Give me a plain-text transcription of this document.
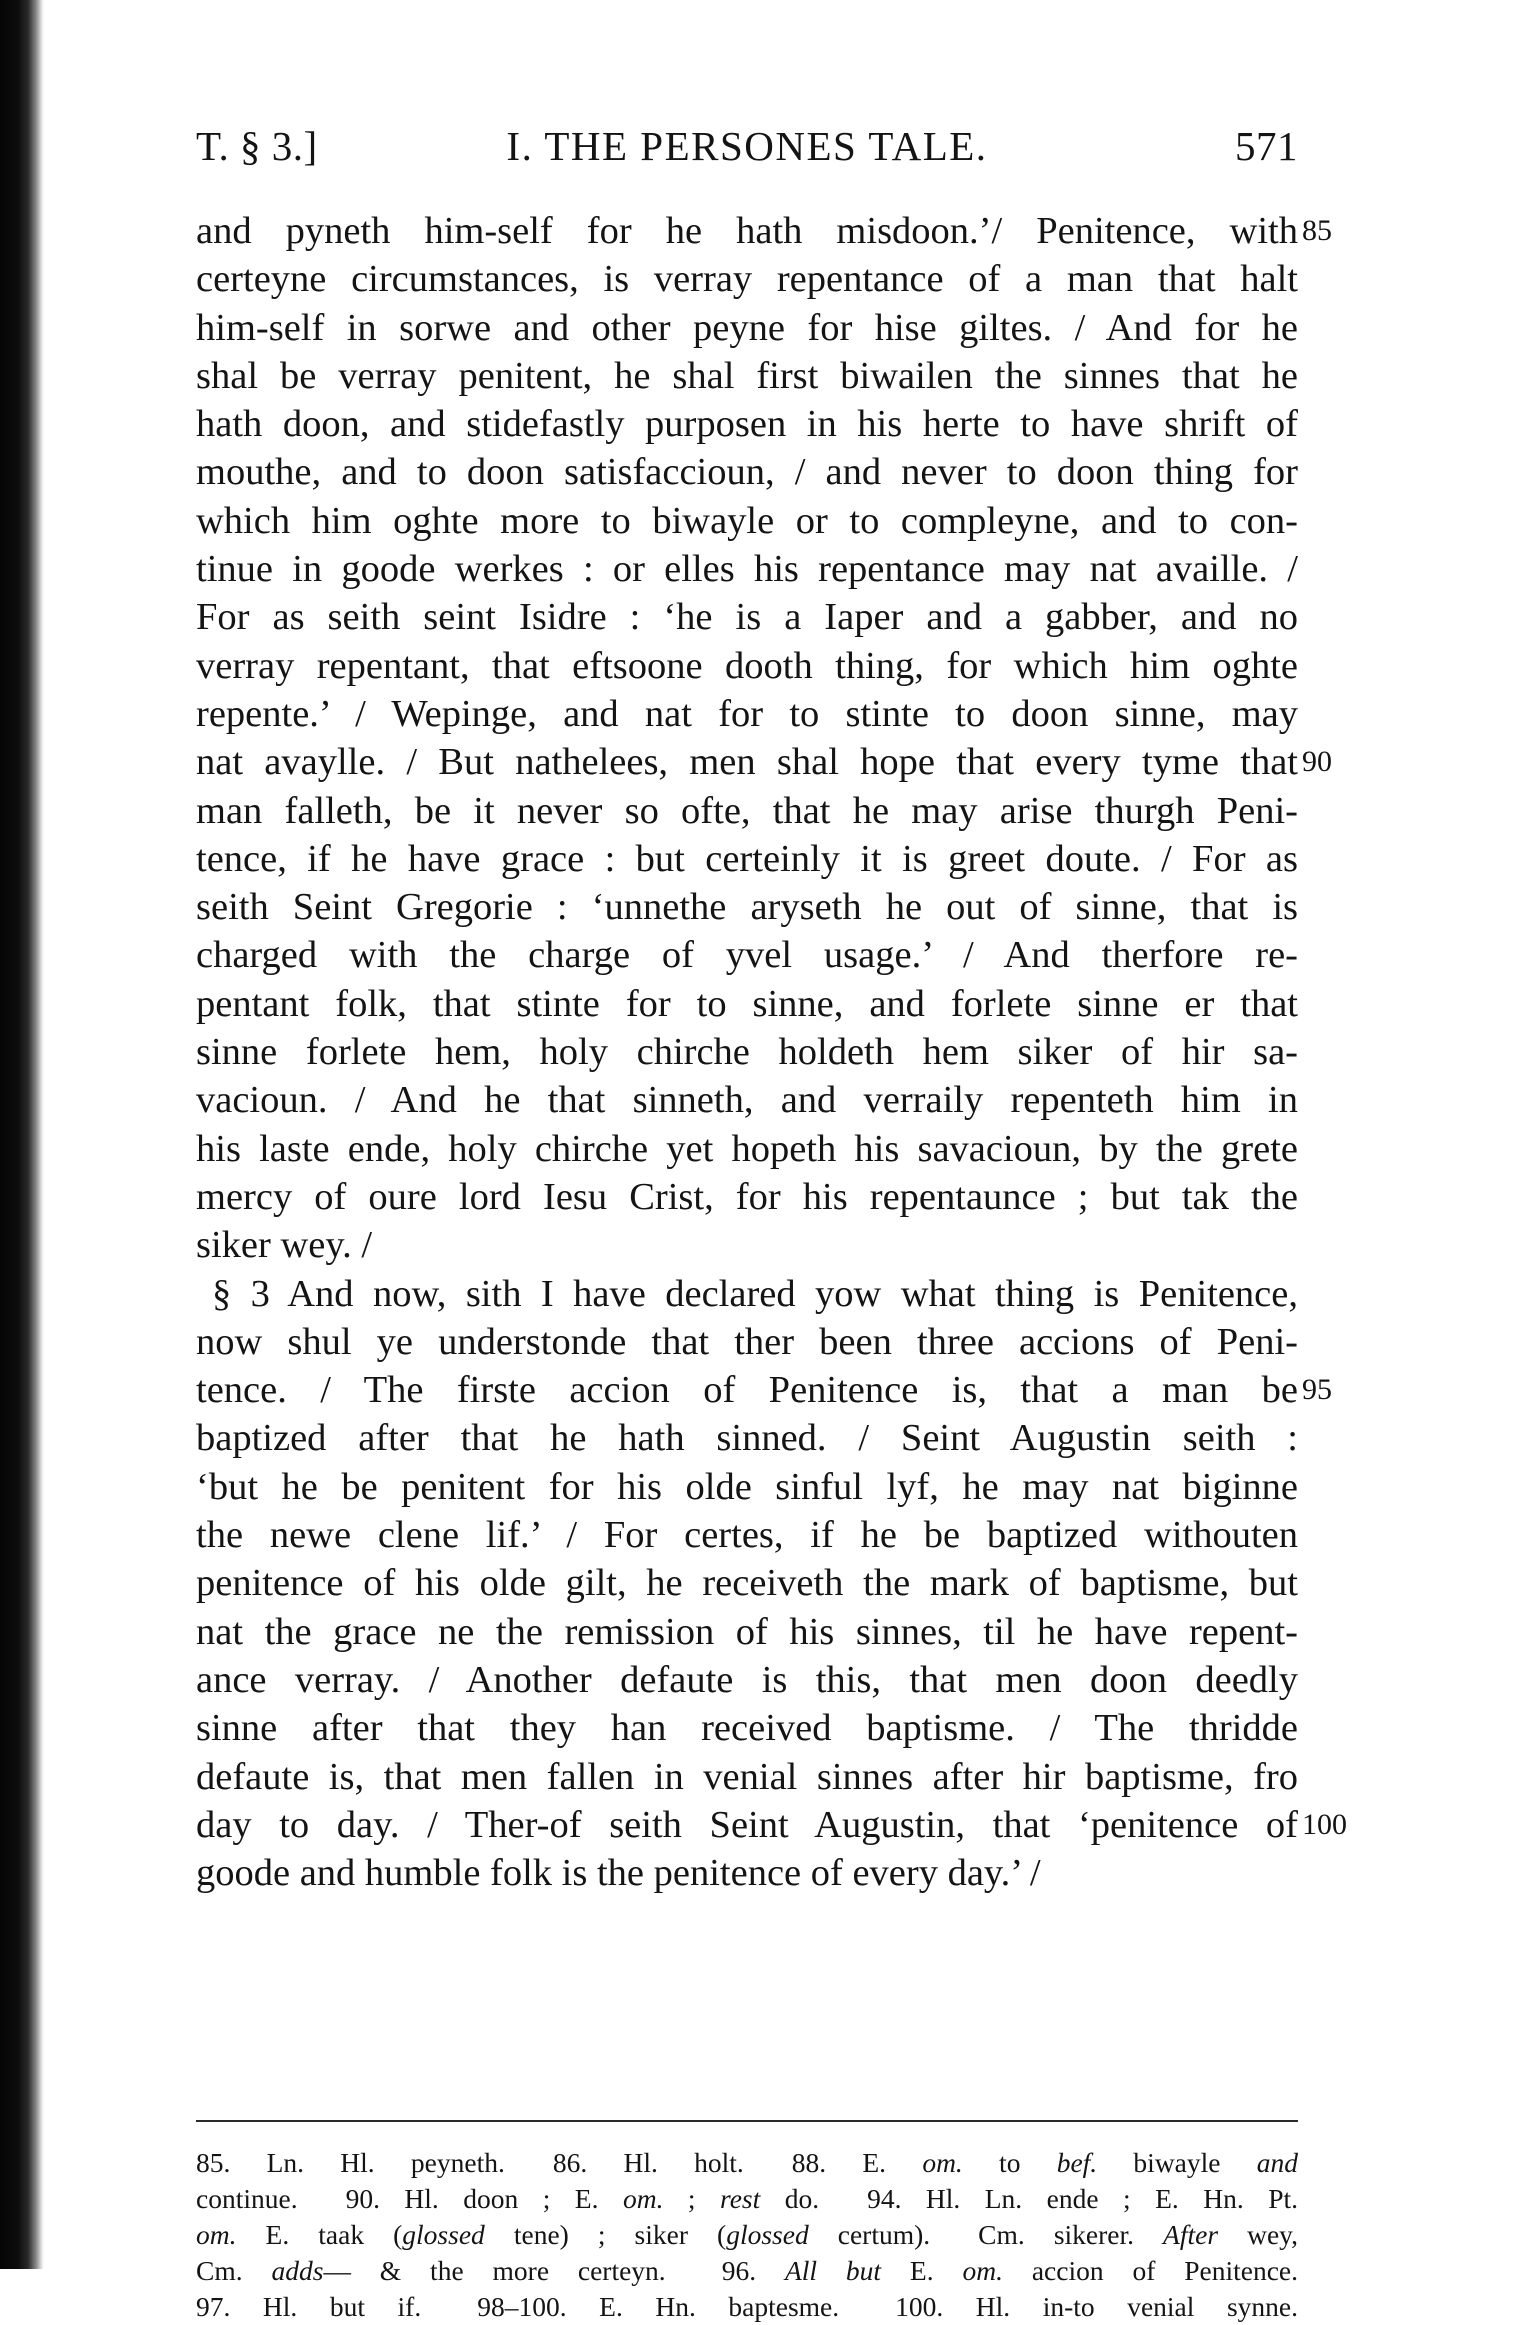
T. § 3.]	I. THE PERSONES TALE.	571
and pyneth him-self for he hath misdoon.’/ Penitence, with 85
certeyne circumstances, is verray repentance of a man that halt
him-self in sorwe and other peyne for hise giltes. / And for he
shal be verray penitent, he shal first biwailen the sinnes that he
hath doon, and stidefastly purposen in his herte to have shrift of
mouthe, and to doon satisfaccioun, / and never to doon thing for
which him oghte more to biwayle or to compleyne, and to con-
tinue in goode werkes : or elles his repentance may nat availle. /
For as seith seint Isidre : ‘he is a Iaper and a gabber, and no
verray repentant, that eftsoone dooth thing, for which him oghte
repente.’ / Wepinge, and nat for to stinte to doon sinne, may
nat avaylle. / But nathelees, men shal hope that every tyme that 90
man falleth, be it never so ofte, that he may arise thurgh Peni-
tence, if he have grace : but certeinly it is greet doute. / For as
seith Seint Gregorie : ‘unnethe aryseth he out of sinne, that is
charged with the charge of yvel usage.’ / And therfore re-
pentant folk, that stinte for to sinne, and forlete sinne er that
sinne forlete hem, holy chirche holdeth hem siker of hir sa-
vacioun. / And he that sinneth, and verraily repenteth him in
his laste ende, holy chirche yet hopeth his savacioun, by the grete
mercy of oure lord Iesu Crist, for his repentaunce ; but tak the
siker wey. /
§ 3 And now, sith I have declared yow what thing is Penitence,
now shul ye understonde that ther been three accions of Peni-
tence. / The firste accion of Penitence is, that a man be 95
baptized after that he hath sinned. / Seint Augustin seith :
‘but he be penitent for his olde sinful lyf, he may nat biginne
the newe clene lif.’ / For certes, if he be baptized withouten
penitence of his olde gilt, he receiveth the mark of baptisme, but
nat the grace ne the remission of his sinnes, til he have repent-
ance verray. / Another defaute is this, that men doon deedly
sinne after that they han received baptisme. / The thridde
defaute is, that men fallen in venial sinnes after hir baptisme, fro
day to day. / Ther-of seith Seint Augustin, that ‘penitence of 100
goode and humble folk is the penitence of every day.’ /
85. Ln. Hl. peyneth. 86. Hl. holt. 88. E. om. to bef. biwayle and
continue. 90. Hl. doon ; E. om. ; rest do. 94. Hl. Ln. ende ; E. Hn. Pt.
om. E. taak (glossed tene) ; siker (glossed certum). Cm. sikerer. After wey,
Cm. adds— & the more certeyn. 96. All but E. om. accion of Penitence.
97. Hl. but if. 98–100. E. Hn. baptesme. 100. Hl. in-to venial synne.
